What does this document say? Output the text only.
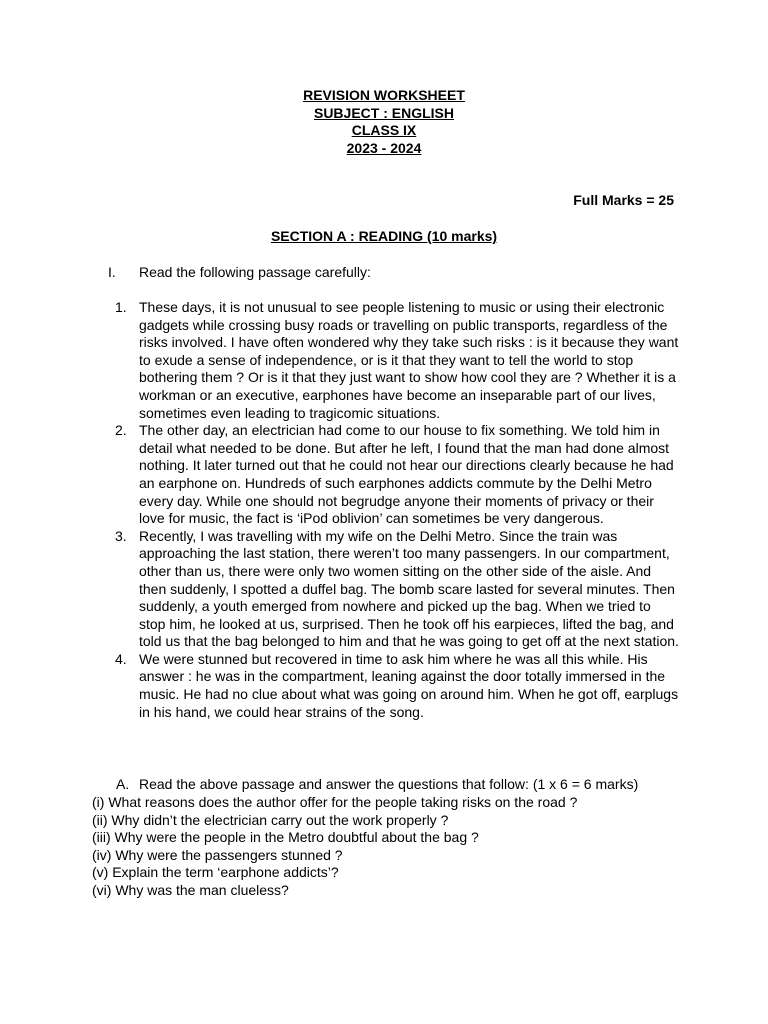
REVISION WORKSHEET
SUBJECT : ENGLISH
CLASS IX
2023 - 2024
Full Marks = 25
SECTION A : READING (10 marks)
I. Read the following passage carefully:
1. These days, it is not unusual to see people listening to music or using their electronic gadgets while crossing busy roads or travelling on public transports, regardless of the risks involved. I have often wondered why they take such risks : is it because they want to exude a sense of independence, or is it that they want to tell the world to stop bothering them ? Or is it that they just want to show how cool they are ? Whether it is a workman or an executive, earphones have become an inseparable part of our lives, sometimes even leading to tragicomic situations.
2. The other day, an electrician had come to our house to fix something. We told him in detail what needed to be done. But after he left, I found that the man had done almost nothing. It later turned out that he could not hear our directions clearly because he had an earphone on. Hundreds of such earphones addicts commute by the Delhi Metro every day. While one should not begrudge anyone their moments of privacy or their love for music, the fact is ‘iPod oblivion’ can sometimes be very dangerous.
3. Recently, I was travelling with my wife on the Delhi Metro. Since the train was approaching the last station, there weren’t too many passengers. In our compartment, other than us, there were only two women sitting on the other side of the aisle. And then suddenly, I spotted a duffel bag. The bomb scare lasted for several minutes. Then suddenly, a youth emerged from nowhere and picked up the bag. When we tried to stop him, he looked at us, surprised. Then he took off his earpieces, lifted the bag, and told us that the bag belonged to him and that he was going to get off at the next station.
4. We were stunned but recovered in time to ask him where he was all this while. His answer : he was in the compartment, leaning against the door totally immersed in the music. He had no clue about what was going on around him. When he got off, earplugs in his hand, we could hear strains of the song.
A. Read the above passage and answer the questions that follow: (1 x 6 = 6 marks)
(i) What reasons does the author offer for the people taking risks on the road ?
(ii) Why didn’t the electrician carry out the work properly ?
(iii) Why were the people in the Metro doubtful about the bag ?
(iv) Why were the passengers stunned ?
(v) Explain the term ‘earphone addicts’?
(vi) Why was the man clueless?
